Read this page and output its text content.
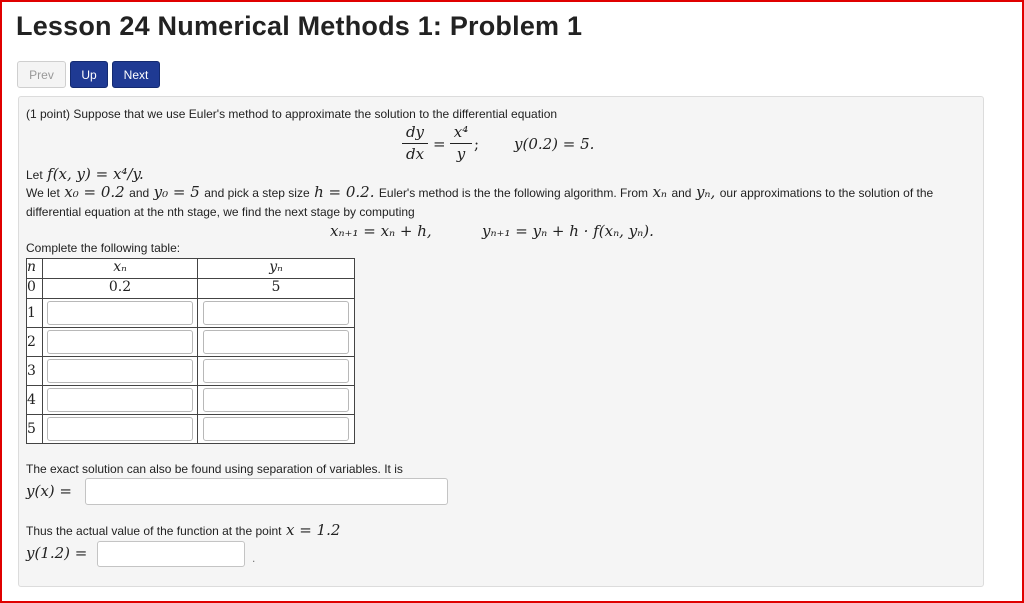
Lesson 24 Numerical Methods 1: Problem 1
Prev	Up	Next
(1 point) Suppose that we use Euler's method to approximate the solution to the differential equation
dy
dx
=
x⁴
y
; y(0.2) = 5.
Let f(x, y) = x⁴/y.
We let x₀ = 0.2 and y₀ = 5 and pick a step size h = 0.2. Euler's method is the the following algorithm. From xₙ and yₙ, our approximations to the solution of the
differential equation at the nth stage, we find the next stage by computing
xₙ₊₁ = xₙ + h,	yₙ₊₁ = yₙ + h · f(xₙ, yₙ).
Complete the following table:
n	xₙ	yₙ
0	0.2	5
1	

2	

3	

4	

5	

The exact solution can also be found using separation of variables. It is
y(x) =
Thus the actual value of the function at the point x = 1.2
y(1.2) =	.
